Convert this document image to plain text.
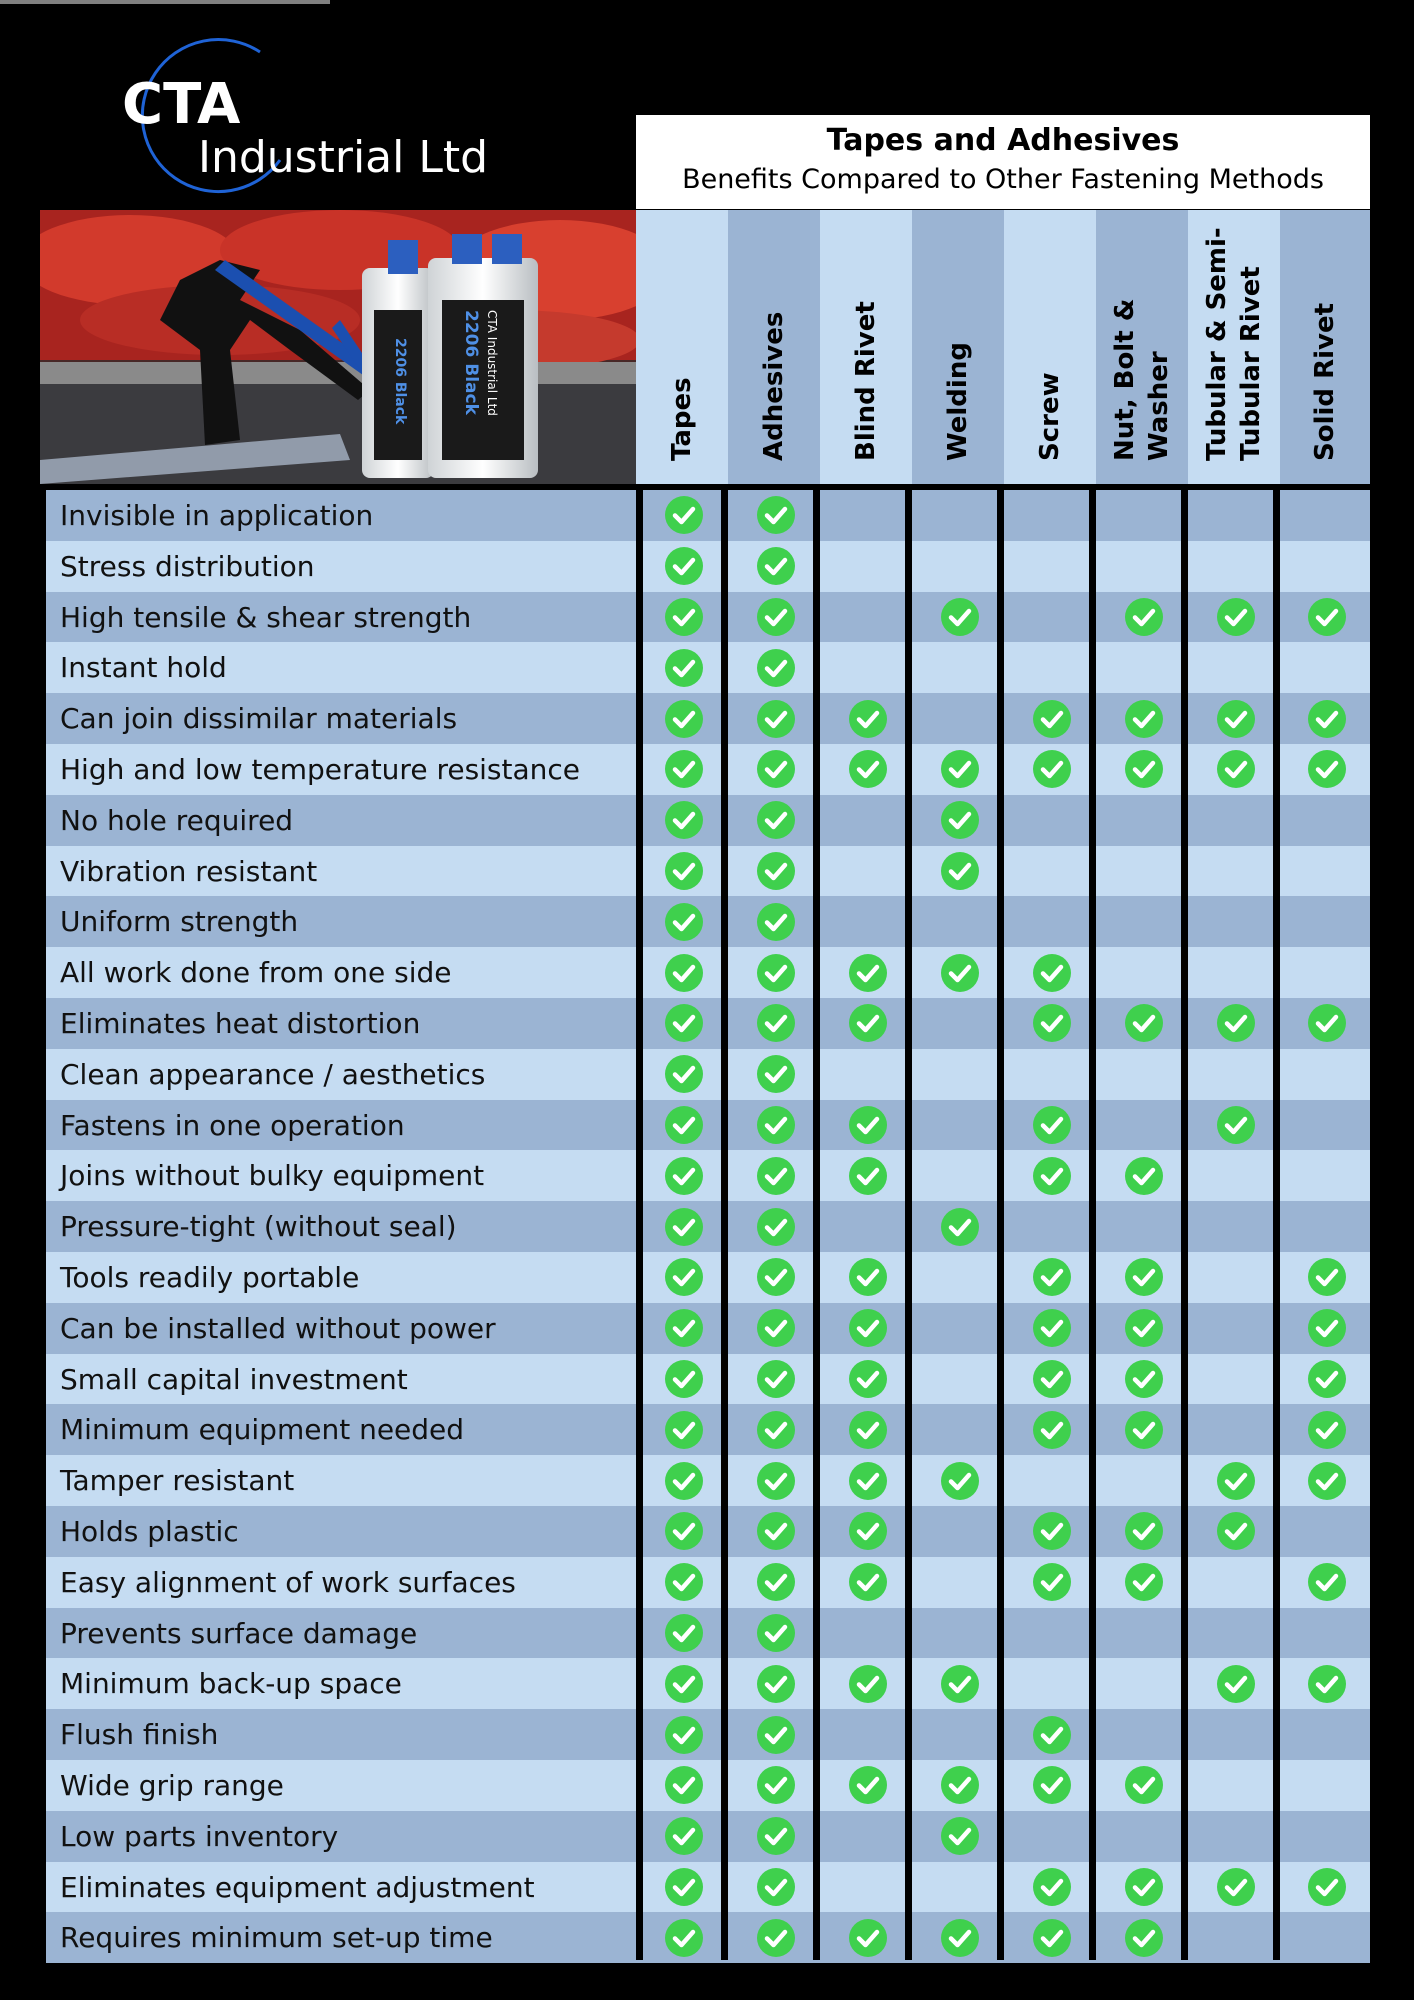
CTA
Industrial Ltd	Tapes and Adhesives
Benefits Compared to Other Fastening Methods
2206 Black CTA Industrial Ltd
2206 Black	Tapes Adhesives Blind Rivet Welding Screw Nut, Bolt &
Washer Tubular & Semi-
Tubular Rivet Solid Rivet
Invisible in application
Stress distribution
High tensile & shear strength
Instant hold
Can join dissimilar materials
High and low temperature resistance
No hole required
Vibration resistant
Uniform strength
All work done from one side
Eliminates heat distortion
Clean appearance / aesthetics
Fastens in one operation
Joins without bulky equipment
Pressure-tight (without seal)
Tools readily portable
Can be installed without power
Small capital investment
Minimum equipment needed
Tamper resistant
Holds plastic
Easy alignment of work surfaces
Prevents surface damage
Minimum back-up space
Flush finish
Wide grip range
Low parts inventory
Eliminates equipment adjustment
Requires minimum set-up time
